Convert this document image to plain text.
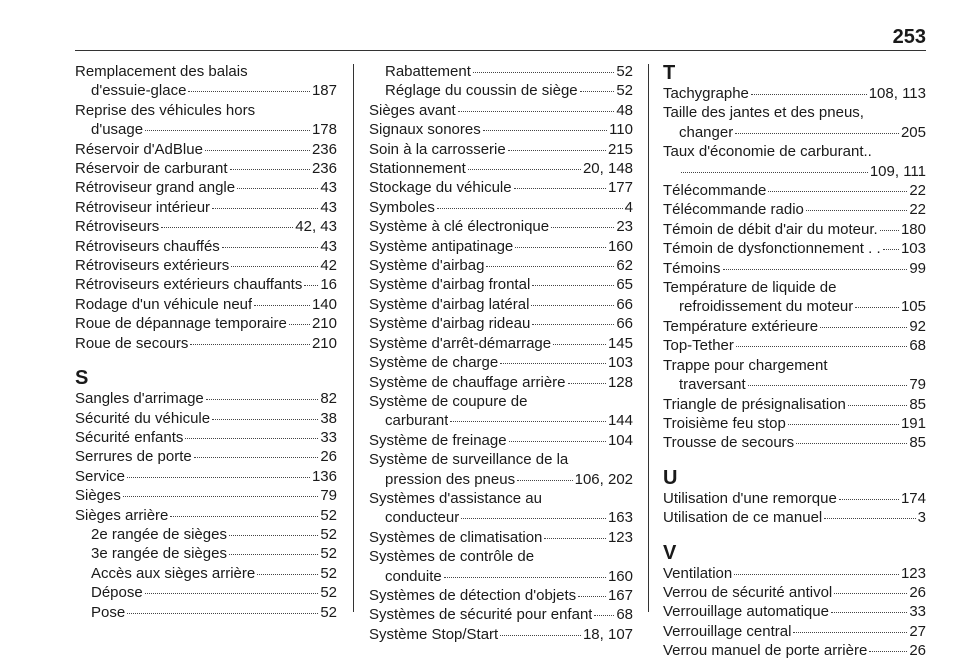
253
Remplacement des balais
d'essuie-glace	187
Reprise des véhicules hors
d'usage	178
Réservoir d'AdBlue	236
Réservoir de carburant	236
Rétroviseur grand angle	43
Rétroviseur intérieur	43
Rétroviseurs	42, 43
Rétroviseurs chauffés	43
Rétroviseurs extérieurs	42
Rétroviseurs extérieurs chauffants 16
Rodage d'un véhicule neuf	140
Roue de dépannage temporaire 210
Roue de secours	210
S
Sangles d'arrimage	82
Sécurité du véhicule	38
Sécurité enfants	33
Serrures de porte	26
Service	136
Sièges	79
Sièges arrière	52
2e rangée de sièges	52
3e rangée de sièges	52
Accès aux sièges arrière	52
Dépose	52
Pose	52
Rabattement	52
Réglage du coussin de siège	52
Sièges avant	48
Signaux sonores	110
Soin à la carrosserie	215
Stationnement	20, 148
Stockage du véhicule	177
Symboles	4
Système à clé électronique	23
Système antipatinage	160
Système d'airbag	62
Système d'airbag frontal	65
Système d'airbag latéral	66
Système d'airbag rideau	66
Système d'arrêt-démarrage	145
Système de charge	103
Système de chauffage arrière	128
Système de coupure de
carburant	144
Système de freinage	104
Système de surveillance de la
pression des pneus	106, 202
Systèmes d'assistance au
conducteur	163
Systèmes de climatisation	123
Systèmes de contrôle de
conduite	160
Systèmes de détection d'objets 167
Systèmes de sécurité pour enfant 68
Système Stop/Start	18, 107
T
Tachygraphe	108, 113
Taille des jantes et des pneus,
changer	205
Taux d'économie de carburant..
109, 111
Télécommande	22
Télécommande radio	22
Témoin de débit d'air du moteur. 180
Témoin de dysfonctionnement . . 103
Témoins	99
Température de liquide de
refroidissement du moteur	105
Température extérieure	92
Top-Tether	68
Trappe pour chargement
traversant	79
Triangle de présignalisation	85
Troisième feu stop	191
Trousse de secours	85
U
Utilisation d'une remorque	174
Utilisation de ce manuel	3
V
Ventilation	123
Verrou de sécurité antivol	26
Verrouillage automatique	33
Verrouillage central	27
Verrou manuel de porte arrière	26
